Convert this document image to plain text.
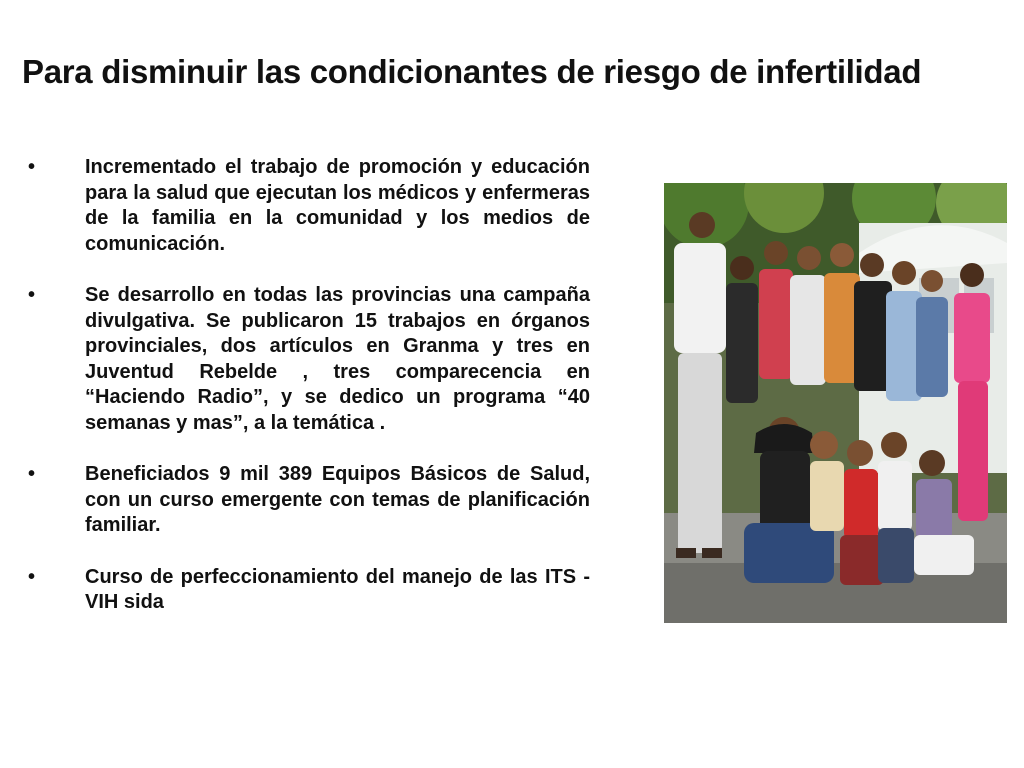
Para disminuir las condicionantes de riesgo de infertilidad
• Incrementado el trabajo de promoción y educación para la salud que ejecutan los médicos y enfermeras de la familia en la comunidad y los medios de comunicación.
• Se desarrollo en todas las provincias una campaña divulgativa. Se publicaron 15 trabajos en órganos provinciales, dos artículos en Granma y tres en Juventud Rebelde , tres comparecencia en “Haciendo Radio”, y se dedico un programa “40 semanas y mas”, a la temática .
• Beneficiados 9 mil 389 Equipos Básicos de Salud, con un curso emergente con temas de planificación familiar.
• Curso de perfeccionamiento del manejo de las ITS -VIH sida
